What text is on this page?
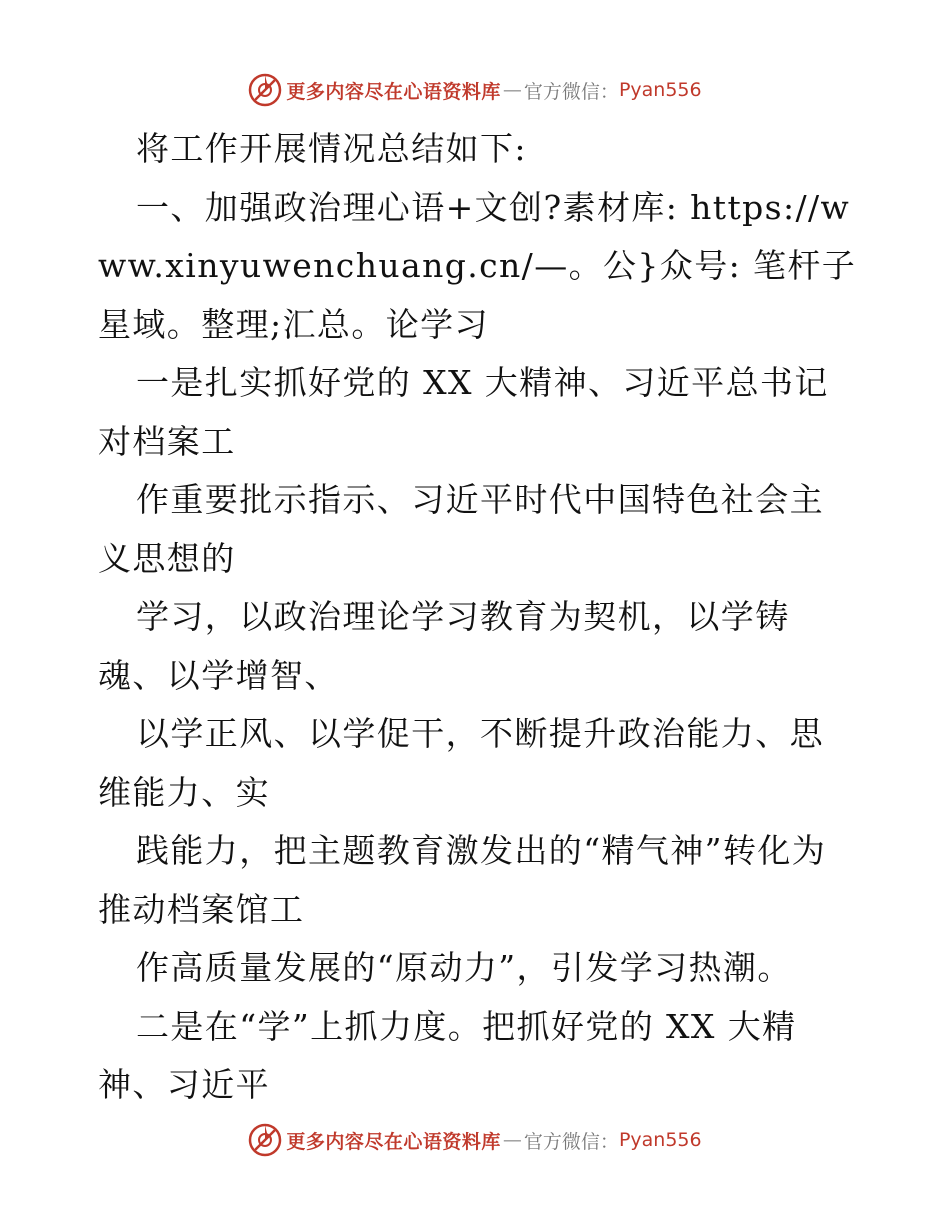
更多内容尽在心语资料库 — 官方微信： Pyan556

将工作开展情况总结如下:

一、加强政治理心语+文创?素材库: https://www.xinyuwenchuang.cn/—。公}众号: 笔杆子星域。整理;汇总。论学习

一是扎实抓好党的 XX 大精神、习近平总书记对档案工

作重要批示指示、习近平时代中国特色社会主义思想的

学习，以政治理论学习教育为契机，以学铸魂、以学增智、

以学正风、以学促干，不断提升政治能力、思维能力、实

践能力，把主题教育激发出的“精气神”转化为推动档案馆工

作高质量发展的“原动力”，引发学习热潮。

二是在“学”上抓力度。把抓好党的 XX 大精神、习近平

更多内容尽在心语资料库 — 官方微信： Pyan556
